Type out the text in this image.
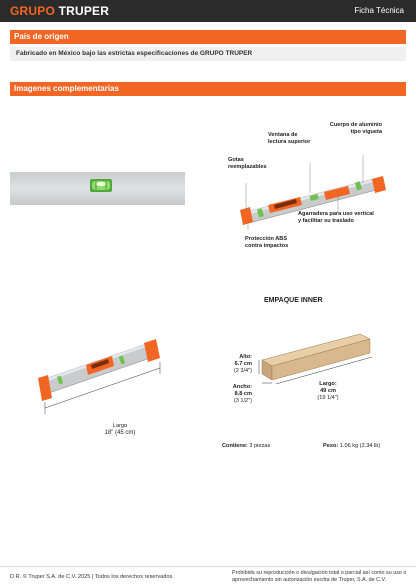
GRUPO TRUPER	Ficha Técnica
País de origen
Fabricado en México bajo las estrictas especificaciones de GRUPO TRUPER
Imagenes complementarias
Cuerpo de aluminio
tipo vigueta
Ventana de
lectura superior
Gotas
reemplazables
Agarradera para uso vertical
y facilitar su traslado
Protección ABS
contra impactos
EMPAQUE INNER
Largo
18" (45 cm)
Alto:
6.7 cm
(2 3/4")
Ancho:
8.8 cm
(3 1/2")
Largo:
49 cm
(19 1/4")
Contiene: 3 piezas	Peso: 1.06 kg (2.34 lb)
D.R. © Truper S.A. de C.V. 2025 | Todos los derechos reservados.
Prohibida su reproducción o divulgación total o parcial así como su uso o
aprovechamiento sin autorización escrita de Truper, S.A. de C.V.
